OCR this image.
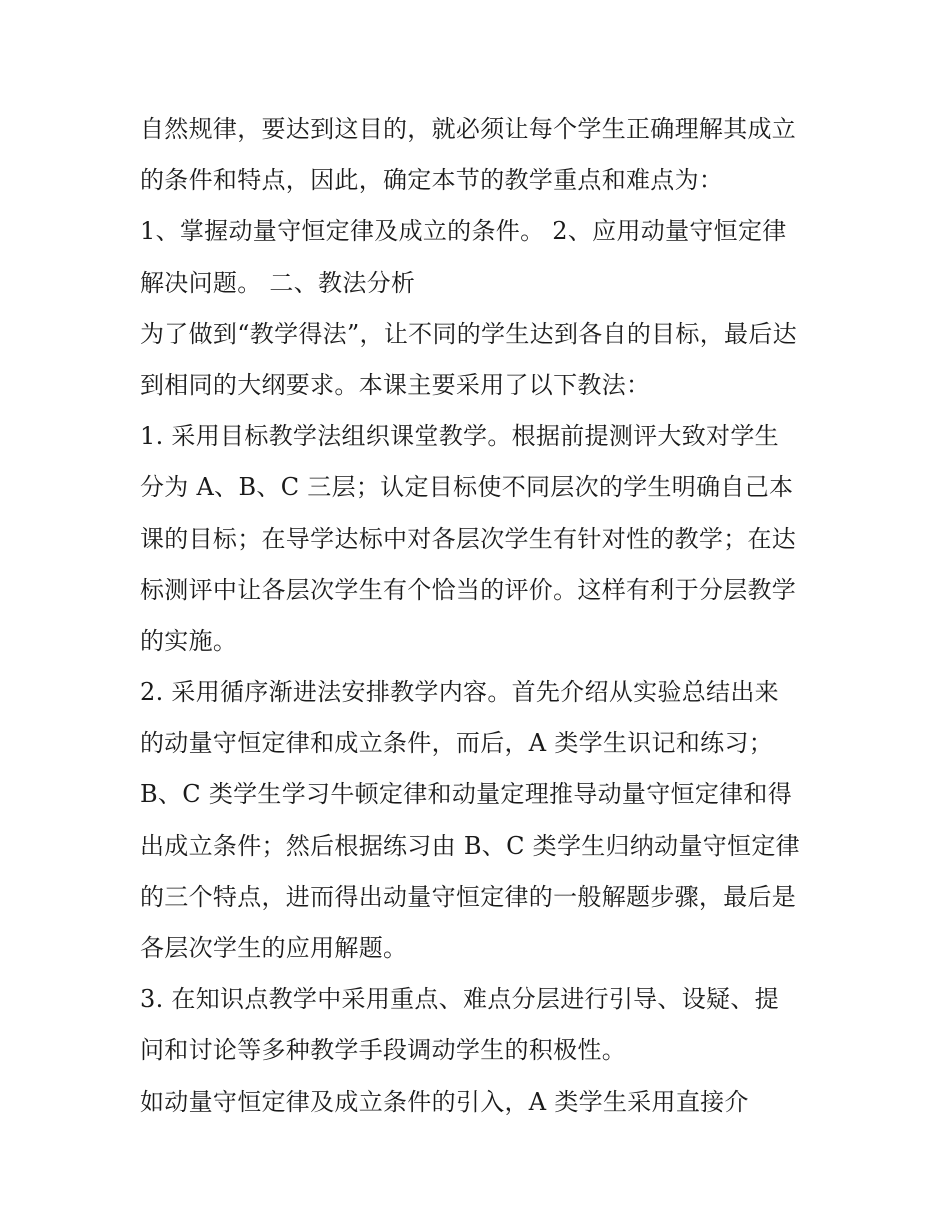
自然规律，要达到这目的，就必须让每个学生正确理解其成立
的条件和特点，因此，确定本节的教学重点和难点为：
1、掌握动量守恒定律及成立的条件。 2、应用动量守恒定律
解决问题。 二、教法分析
为了做到“教学得法”，让不同的学生达到各自的目标，最后达
到相同的大纲要求。本课主要采用了以下教法：
1. 采用目标教学法组织课堂教学。根据前提测评大致对学生
分为 A、B、C 三层；认定目标使不同层次的学生明确自己本
课的目标；在导学达标中对各层次学生有针对性的教学；在达
标测评中让各层次学生有个恰当的评价。这样有利于分层教学
的实施。
2. 采用循序渐进法安排教学内容。首先介绍从实验总结出来
的动量守恒定律和成立条件，而后，A 类学生识记和练习；
B、C 类学生学习牛顿定律和动量定理推导动量守恒定律和得
出成立条件；然后根据练习由 B、C 类学生归纳动量守恒定律
的三个特点，进而得出动量守恒定律的一般解题步骤，最后是
各层次学生的应用解题。
3. 在知识点教学中采用重点、难点分层进行引导、设疑、提
问和讨论等多种教学手段调动学生的积极性。
如动量守恒定律及成立条件的引入，A 类学生采用直接介
